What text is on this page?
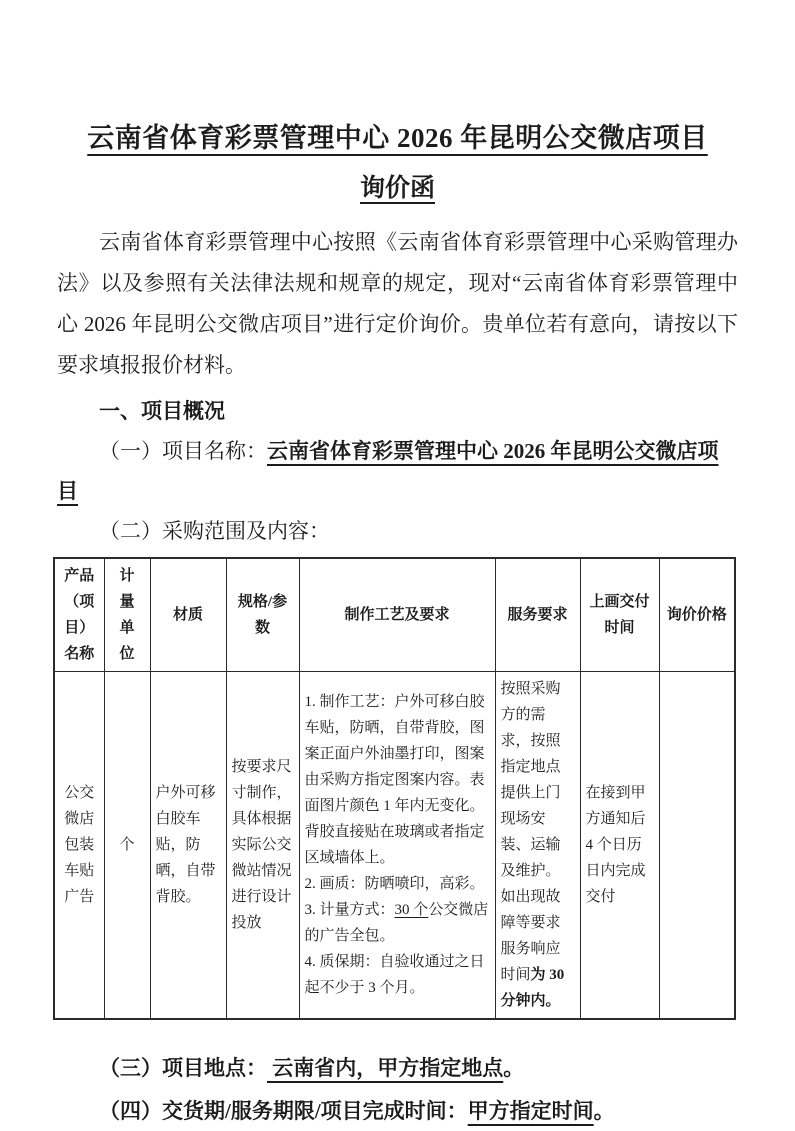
云南省体育彩票管理中心 2026 年昆明公交微店项目
询价函

云南省体育彩票管理中心按照《云南省体育彩票管理中心采购管理办法》以及参照有关法律法规和规章的规定，现对“云南省体育彩票管理中心 2026 年昆明公交微店项目”进行定价询价。贵单位若有意向，请按以下要求填报报价材料。

一、项目概况
（一）项目名称：云南省体育彩票管理中心 2026 年昆明公交微店项目
（二）采购范围及内容：
产品（项目）名称	计量单位	材质	规格/参数	制作工艺及要求	服务要求	上画交付时间	询价价格
公交微店包装车贴广告	个	户外可移白胶车贴，防晒，自带背胶。	按要求尺寸制作，具体根据实际公交微站情况进行设计投放	1. 制作工艺：户外可移白胶车贴，防晒，自带背胶，图案正面户外油墨打印，图案由采购方指定图案内容。表面图片颜色 1 年内无变化。背胶直接贴在玻璃或者指定区域墙体上。
2. 画质：防晒喷印，高彩。
3. 计量方式：30 个公交微店的广告全包。
4. 质保期：自验收通过之日起不少于 3 个月。	按照采购方的需求，按照指定地点提供上门现场安装、运输及维护。如出现故障等要求服务响应时间为 30 分钟内。	在接到甲方通知后 4 个日历日内完成交付	
（三）项目地点： 云南省内，甲方指定地点。
（四）交货期/服务期限/项目完成时间：甲方指定时间。
